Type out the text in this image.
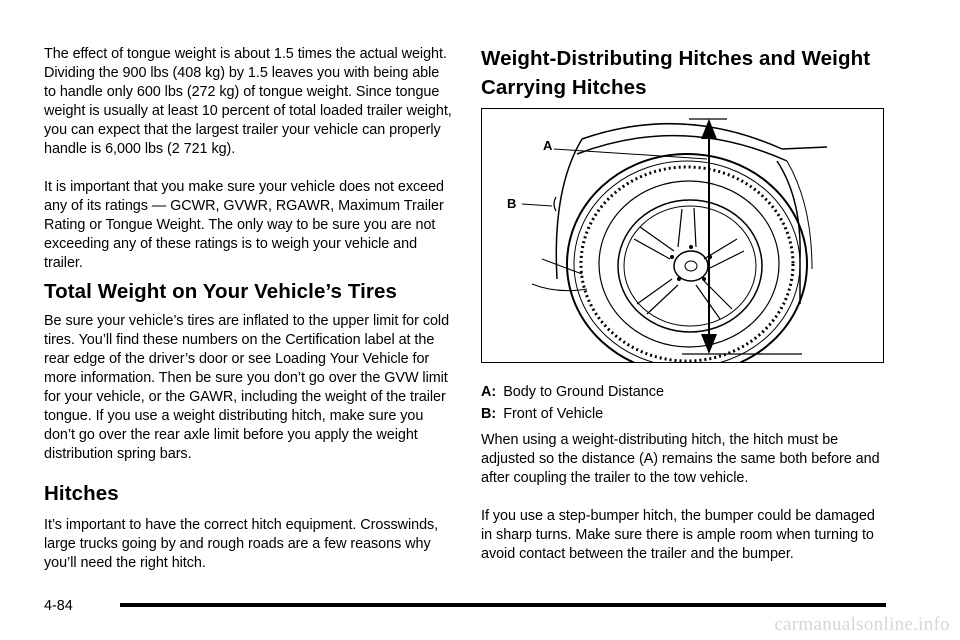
The effect of tongue weight is about 1.5 times the actual weight. Dividing the 900 lbs (408 kg) by 1.5 leaves you with being able to handle only 600 lbs (272 kg) of tongue weight. Since tongue weight is usually at least 10 percent of total loaded trailer weight, you can expect that the largest trailer your vehicle can properly handle is 6,000 lbs (2 721 kg).

It is important that you make sure your vehicle does not exceed any of its ratings — GCWR, GVWR, RGAWR, Maximum Trailer Rating or Tongue Weight. The only way to be sure you are not exceeding any of these ratings is to weigh your vehicle and trailer.

Total Weight on Your Vehicle’s Tires

Be sure your vehicle’s tires are inflated to the upper limit for cold tires. You’ll find these numbers on the Certification label at the rear edge of the driver’s door or see Loading Your Vehicle for more information. Then be sure you don’t go over the GVW limit for your vehicle, or the GAWR, including the weight of the trailer tongue. If you use a weight distributing hitch, make sure you don’t go over the rear axle limit before you apply the weight distribution spring bars.

Hitches

It’s important to have the correct hitch equipment. Crosswinds, large trucks going by and rough roads are a few reasons why you’ll need the right hitch.

Weight-Distributing Hitches and Weight Carrying Hitches
A
B
A: Body to Ground Distance
B: Front of Vehicle

When using a weight-distributing hitch, the hitch must be adjusted so the distance (A) remains the same both before and after coupling the trailer to the tow vehicle.

If you use a step-bumper hitch, the bumper could be damaged in sharp turns. Make sure there is ample room when turning to avoid contact between the trailer and the bumper.

4-84
carmanualsonline.info
